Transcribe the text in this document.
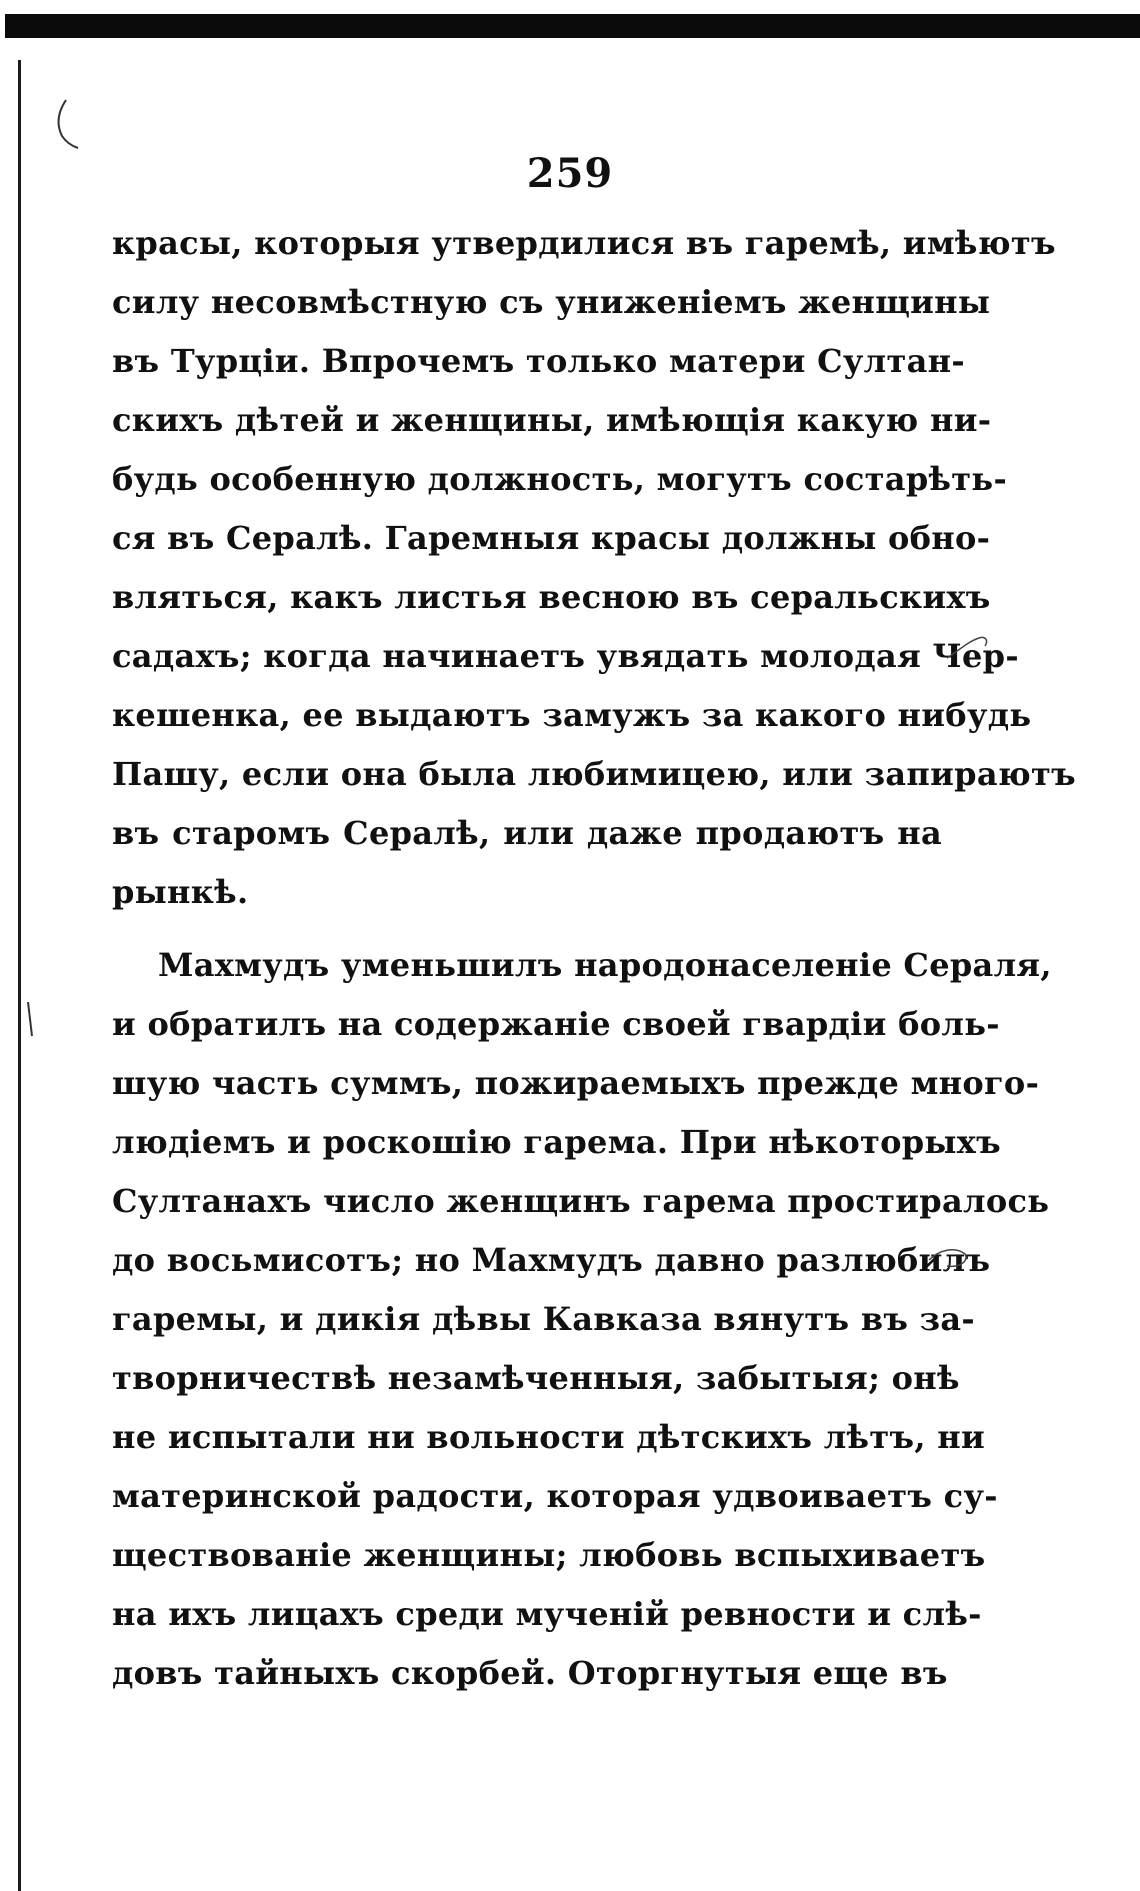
259
красы, которыя утвердилися въ гаремѣ, имѣютъ
силу несовмѣстную съ униженіемъ женщины
въ Турціи. Впрочемъ только матери Султан-
скихъ дѣтей и женщины, имѣющія какую ни-
будь особенную должность, могутъ состарѣть-
ся въ Сералѣ. Гаремныя красы должны обно-
вляться, какъ листья весною въ серальскихъ
садахъ; когда начинаетъ увядать молодая Чер-
кешенка, ее выдаютъ замужъ за какого нибудь
Пашу, если она была любимицею, или запираютъ
въ старомъ Сералѣ, или даже продаютъ на
рынкѣ.
Махмудъ уменьшилъ народонаселеніе Сераля,
и обратилъ на содержаніе своей гвардіи боль-
шую часть суммъ, пожираемыхъ прежде много-
людіемъ и роскошію гарема. При нѣкоторыхъ
Султанахъ число женщинъ гарема простиралось
до восьмисотъ; но Махмудъ давно разлюбилъ
гаремы, и дикія дѣвы Кавказа вянутъ въ за-
творничествѣ незамѣченныя, забытыя; онѣ
не испытали ни вольности дѣтскихъ лѣтъ, ни
материнской радости, которая удвоиваетъ су-
ществованіе женщины; любовь вспыхиваетъ
на ихъ лицахъ среди мученій ревности и слѣ-
довъ тайныхъ скорбей. Оторгнутыя еще въ
